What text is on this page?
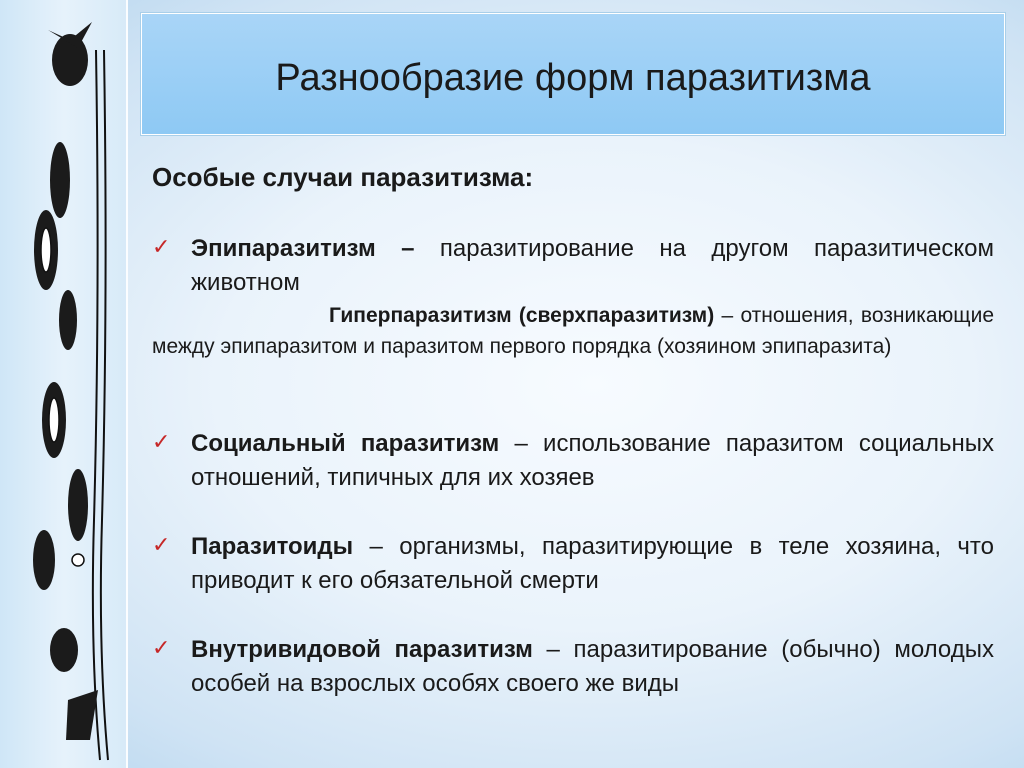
Разнообразие форм паразитизма
Особые случаи паразитизма:
✓ Эпипаразитизм – паразитирование на другом паразитическом животном
Гиперпаразитизм (сверхпаразитизм) – отношения, возникающие между эпипаразитом и паразитом первого порядка (хозяином эпипаразита)
✓ Социальный паразитизм – использование паразитом социальных отношений, типичных для их хозяев
✓ Паразитоиды – организмы, паразитирующие в теле хозяина, что приводит к его обязательной смерти
✓ Внутривидовой паразитизм – паразитирование (обычно) молодых особей на взрослых особях своего же виды
